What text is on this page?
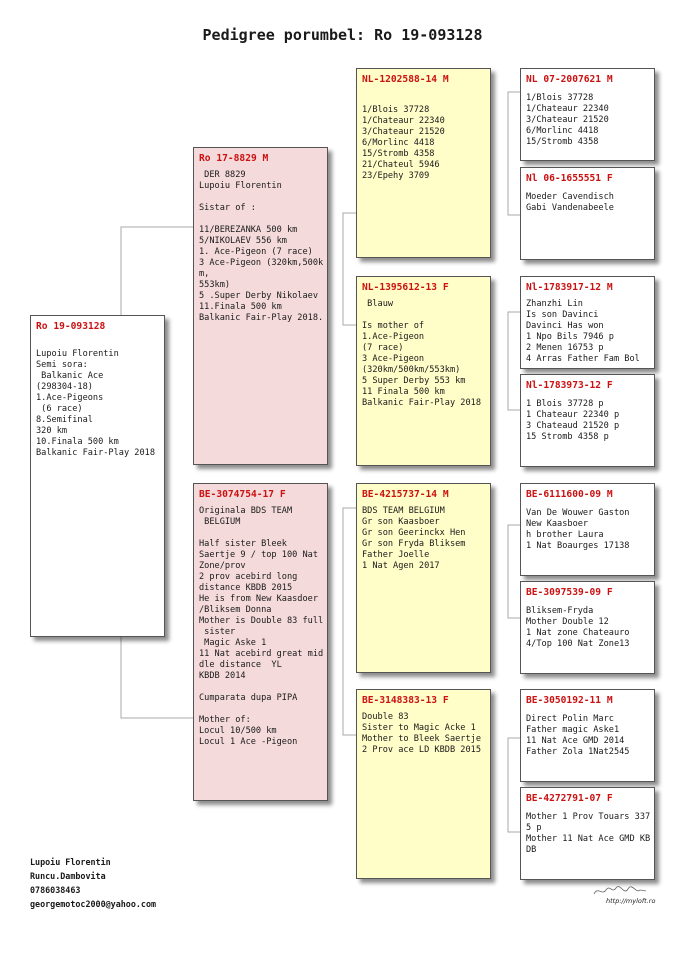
Pedigree porumbel: Ro 19-093128
Ro 19-093128
Lupoiu Florentin
Semi sora:
Balkanic Ace
(298304-18)
1.Ace-Pigeons
(6 race)
8.Semifinal
320 km
10.Finala 500 km
Balkanic Fair-Play 2018
Ro 17-8829 M
DER 8829
Lupoiu Florentin

Sistar of :

11/BEREZANKA 500 km
5/NIKOLAEV 556 km
1. Ace-Pigeon (7 race)
3 Ace-Pigeon (320km,500k
m,
553km)
5 .Super Derby Nikolaev
11.Finala 500 km
Balkanic Fair-Play 2018.
BE-3074754-17 F
Originala BDS TEAM
BELGIUM

Half sister Bleek
Saertje 9 / top 100 Nat
Zone/prov
2 prov acebird long
distance KBDB 2015
He is from New Kaasdoer
/Bliksem Donna
Mother is Double 83 full
sister
Magic Aske 1
11 Nat acebird great mid
dle distance  YL
KBDB 2014

Cumparata dupa PIPA

Mother of:
Locul 10/500 km
Locul 1 Ace -Pigeon
NL-1202588-14 M
1/Blois 37728
1/Chateaur 22340
3/Chateaur 21520
6/Morlinc 4418
15/Stromb 4358
21/Chateul 5946
23/Epehy 3709
NL-1395612-13 F
Blauw

Is mother of
1.Ace-Pigeon
(7 race)
3 Ace-Pigeon
(320km/500km/553km)
5 Super Derby 553 km
11 Finala 500 km
Balkanic Fair-Play 2018
BE-4215737-14 M
BDS TEAM BELGIUM
Gr son Kaasboer
Gr son Geerinckx Hen
Gr son Fryda Bliksem
Father Joelle
1 Nat Agen 2017
BE-3148383-13 F
Double 83
Sister to Magic Acke 1
Mother to Bleek Saertje
2 Prov ace LD KBDB 2015
NL 07-2007621 M
1/Blois 37728
1/Chateaur 22340
3/Chateaur 21520
6/Morlinc 4418
15/Stromb 4358
Nl 06-1655551 F
Moeder Cavendisch
Gabi Vandenabeele
Nl-1783917-12 M
Zhanzhi Lin
Is son Davinci
Davinci Has won
1 Npo Bils 7946 p
2 Menen 16753 p
4 Arras Father Fam Bol
Nl-1783973-12 F
1 Blois 37728 p
1 Chateaur 22340 p
3 Chateaud 21520 p
15 Stromb 4358 p
BE-6111600-09 M
Van De Wouwer Gaston
New Kaasboer
h brother Laura
1 Nat Boaurges 17138
BE-3097539-09 F
Bliksem-Fryda
Mother Double 12
1 Nat zone Chateauro
4/Top 100 Nat Zone13
BE-3050192-11 M
Direct Polin Marc
Father magic Aske1
11 Nat Ace GMD 2014
Father Zola 1Nat2545
BE-4272791-07 F
Mother 1 Prov Touars 337
5 p
Mother 11 Nat Ace GMD KB
DB
Lupoiu Florentin
Runcu.Dambovita
0786038463
georgemotoc2000@yahoo.com	http://myloft.ro
